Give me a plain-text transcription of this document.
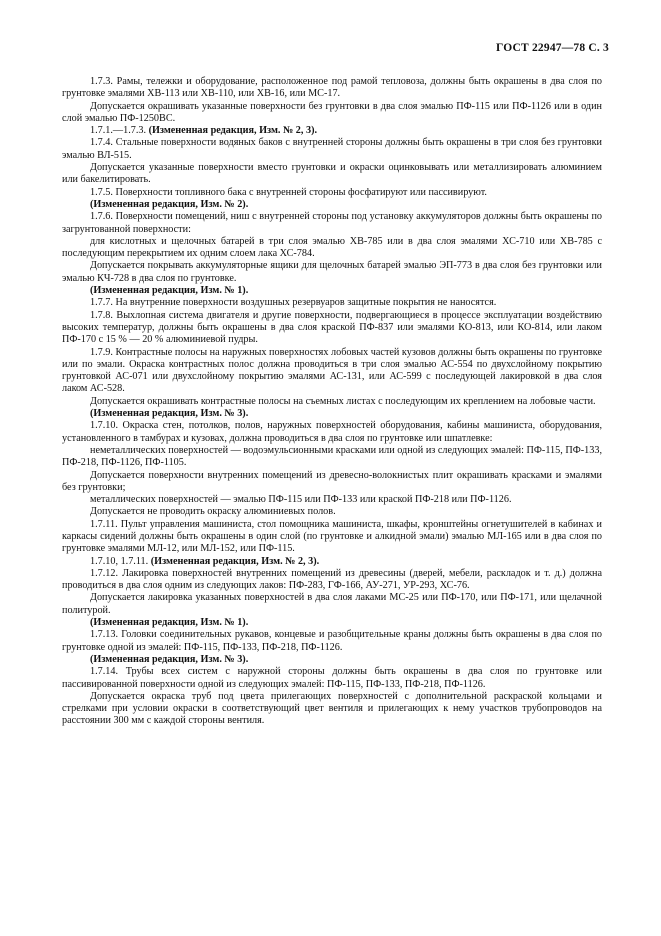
ГОСТ 22947—78 С. 3

1.7.3. Рамы, тележки и оборудование, расположенное под рамой тепловоза, должны быть окрашены в два слоя по грунтовке эмалями ХВ-113 или ХВ-110, или ХВ-16, или МС-17.

Допускается окрашивать указанные поверхности без грунтовки в два слоя эмалью ПФ-115 или ПФ-1126 или в один слой эмалью ПФ-1250ВС.

1.7.1.—1.7.3. (Измененная редакция, Изм. № 2, 3).

1.7.4. Стальные поверхности водяных баков с внутренней стороны должны быть окрашены в три слоя без грунтовки эмалью ВЛ-515.

Допускается указанные поверхности вместо грунтовки и окраски оцинковывать или металлизировать алюминием или бакелитировать.

1.7.5. Поверхности топливного бака с внутренней стороны фосфатируют или пассивируют.

(Измененная редакция, Изм. № 2).

1.7.6. Поверхности помещений, ниш с внутренней стороны под установку аккумуляторов должны быть окрашены по загрунтованной поверхности:

для кислотных и щелочных батарей в три слоя эмалью ХВ-785 или в два слоя эмалями ХС-710 или ХВ-785 с последующим перекрытием их одним слоем лака ХС-784.

Допускается покрывать аккумуляторные ящики для щелочных батарей эмалью ЭП-773 в два слоя без грунтовки или эмалью КЧ-728 в два слоя по грунтовке.

(Измененная редакция, Изм. № 1).

1.7.7. На внутренние поверхности воздушных резервуаров защитные покрытия не наносятся.

1.7.8. Выхлопная система двигателя и другие поверхности, подвергающиеся в процессе эксплуатации воздействию высоких температур, должны быть окрашены в два слоя краской ПФ-837 или эмалями КО-813, или КО-814, или лаком ПФ-170 с 15 % — 20 % алюминиевой пудры.

1.7.9. Контрастные полосы на наружных поверхностях лобовых частей кузовов должны быть окрашены по грунтовке или по эмали. Окраска контрастных полос должна проводиться в три слоя эмалью АС-554 по двухслойному покрытию грунтовкой АС-071 или двухслойному покрытию эмалями АС-131, или АС-599 с последующей лакировкой в два слоя лаком АС-528.

Допускается окрашивать контрастные полосы на съемных листах с последующим их креплением на лобовые части.

(Измененная редакция, Изм. № 3).

1.7.10. Окраска стен, потолков, полов, наружных поверхностей оборудования, кабины машиниста, оборудования, установленного в тамбурах и кузовах, должна проводиться в два слоя по грунтовке или шпатлевке:

неметаллических поверхностей — водоэмульсионными красками или одной из следующих эмалей: ПФ-115, ПФ-133, ПФ-218, ПФ-1126, ПФ-1105.

Допускается поверхности внутренних помещений из древесно-волокнистых плит окрашивать красками и эмалями без грунтовки;

металлических поверхностей — эмалью ПФ-115 или ПФ-133 или краской ПФ-218 или ПФ-1126.

Допускается не проводить окраску алюминиевых полов.

1.7.11. Пульт управления машиниста, стол помощника машиниста, шкафы, кронштейны огнетушителей в кабинах и каркасы сидений должны быть окрашены в один слой (по грунтовке и алкидной эмали) эмалью МЛ-165 или в два слоя по грунтовке эмалями МЛ-12, или МЛ-152, или ПФ-115.

1.7.10, 1.7.11. (Измененная редакция, Изм. № 2, 3).

1.7.12. Лакировка поверхностей внутренних помещений из древесины (дверей, мебели, раскладок и т. д.) должна проводиться в два слоя одним из следующих лаков: ПФ-283, ГФ-166, АУ-271, УР-293, ХС-76.

Допускается лакировка указанных поверхностей в два слоя лаками МС-25 или ПФ-170, или ПФ-171, или щелачной политурой.

(Измененная редакция, Изм. № 1).

1.7.13. Головки соединительных рукавов, концевые и разобщительные краны должны быть окрашены в два слоя по грунтовке одной из эмалей: ПФ-115, ПФ-133, ПФ-218, ПФ-1126.

(Измененная редакция, Изм. № 3).

1.7.14. Трубы всех систем с наружной стороны должны быть окрашены в два слоя по грунтовке или пассивированной поверхности одной из следующих эмалей: ПФ-115, ПФ-133, ПФ-218, ПФ-1126.

Допускается окраска труб под цвета прилегающих поверхностей с дополнительной раскраской кольцами и стрелками при условии окраски в соответствующий цвет вентиля и прилегающих к нему участков трубопроводов на расстоянии 300 мм с каждой стороны вентиля.
